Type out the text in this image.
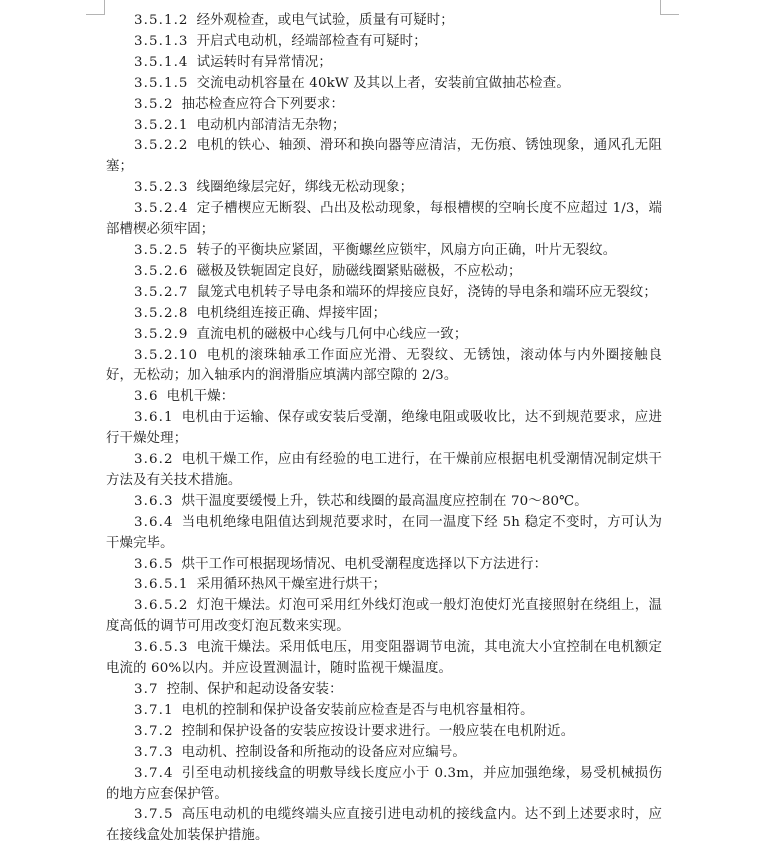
3.5.1.2 经外观检查，或电气试验，质量有可疑时；

3.5.1.3 开启式电动机，经端部检查有可疑时；

3.5.1.4 试运转时有异常情况；

3.5.1.5 交流电动机容量在 40kW 及其以上者，安装前宜做抽芯检查。

3.5.2 抽芯检查应符合下列要求：

3.5.2.1 电动机内部清洁无杂物；

3.5.2.2 电机的铁心、轴颈、滑环和换向器等应清洁，无伤痕、锈蚀现象，通风孔无阻塞；

3.5.2.3 线圈绝缘层完好，绑线无松动现象；

3.5.2.4 定子槽楔应无断裂、凸出及松动现象，每根槽楔的空响长度不应超过 1/3，端部槽楔必须牢固；

3.5.2.5 转子的平衡块应紧固，平衡螺丝应锁牢，风扇方向正确，叶片无裂纹。

3.5.2.6 磁极及铁轭固定良好，励磁线圈紧贴磁极，不应松动；

3.5.2.7 鼠笼式电机转子导电条和端环的焊接应良好，浇铸的导电条和端环应无裂纹；

3.5.2.8 电机绕组连接正确、焊接牢固；

3.5.2.9 直流电机的磁极中心线与几何中心线应一致；

3.5.2.10 电机的滚珠轴承工作面应光滑、无裂纹、无锈蚀，滚动体与内外圈接触良好，无松动；加入轴承内的润滑脂应填满内部空隙的 2/3。

3.6 电机干燥：

3.6.1 电机由于运输、保存或安装后受潮，绝缘电阻或吸收比，达不到规范要求，应进行干燥处理；

3.6.2 电机干燥工作，应由有经验的电工进行，在干燥前应根据电机受潮情况制定烘干方法及有关技术措施。

3.6.3 烘干温度要缓慢上升，铁芯和线圈的最高温度应控制在 70～80℃。

3.6.4 当电机绝缘电阻值达到规范要求时，在同一温度下经 5h 稳定不变时，方可认为干燥完毕。

3.6.5 烘干工作可根据现场情况、电机受潮程度选择以下方法进行：

3.6.5.1 采用循环热风干燥室进行烘干；

3.6.5.2 灯泡干燥法。灯泡可采用红外线灯泡或一般灯泡使灯光直接照射在绕组上，温度高低的调节可用改变灯泡瓦数来实现。

3.6.5.3 电流干燥法。采用低电压，用变阻器调节电流，其电流大小宜控制在电机额定电流的 60%以内。并应设置测温计，随时监视干燥温度。

3.7 控制、保护和起动设备安装：

3.7.1 电机的控制和保护设备安装前应检查是否与电机容量相符。

3.7.2 控制和保护设备的安装应按设计要求进行。一般应装在电机附近。

3.7.3 电动机、控制设备和所拖动的设备应对应编号。

3.7.4 引至电动机接线盒的明敷导线长度应小于 0.3m，并应加强绝缘，易受机械损伤的地方应套保护管。

3.7.5 高压电动机的电缆终端头应直接引进电动机的接线盒内。达不到上述要求时，应在接线盒处加装保护措施。
